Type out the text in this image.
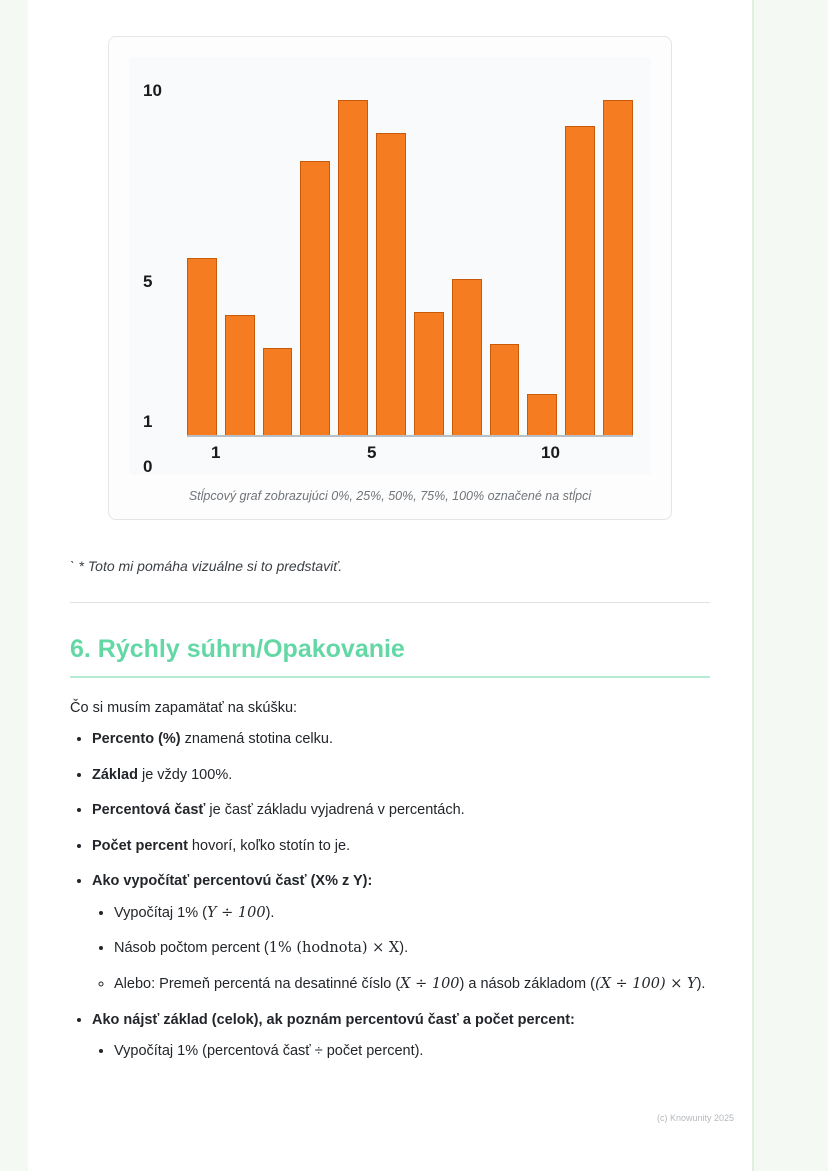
10
5
1
0
1	5	10
Stĺpcový graf zobrazujúci 0%, 25%, 50%, 75%, 100% označené na stĺpci

` * Toto mi pomáha vizuálne si to predstaviť.

6. Rýchly súhrn/Opakovanie

Čo si musím zapamätať na skúšku:

• Percento (%) znamená stotina celku.
• Základ je vždy 100%.
• Percentová časť je časť základu vyjadrená v percentách.
• Počet percent hovorí, koľko stotín to je.
• Ako vypočítať percentovú časť (X% z Y):
• Vypočítaj 1% (Y ÷ 100).
• Násob počtom percent (1% (hodnota) × X).
◦ Alebo: Premeň percentá na desatinné číslo (X ÷ 100) a násob základom ((X ÷ 100) × Y).
• Ako nájsť základ (celok), ak poznám percentovú časť a počet percent:
• Vypočítaj 1% (percentová časť ÷ počet percent).
(c) Knowunity 2025
